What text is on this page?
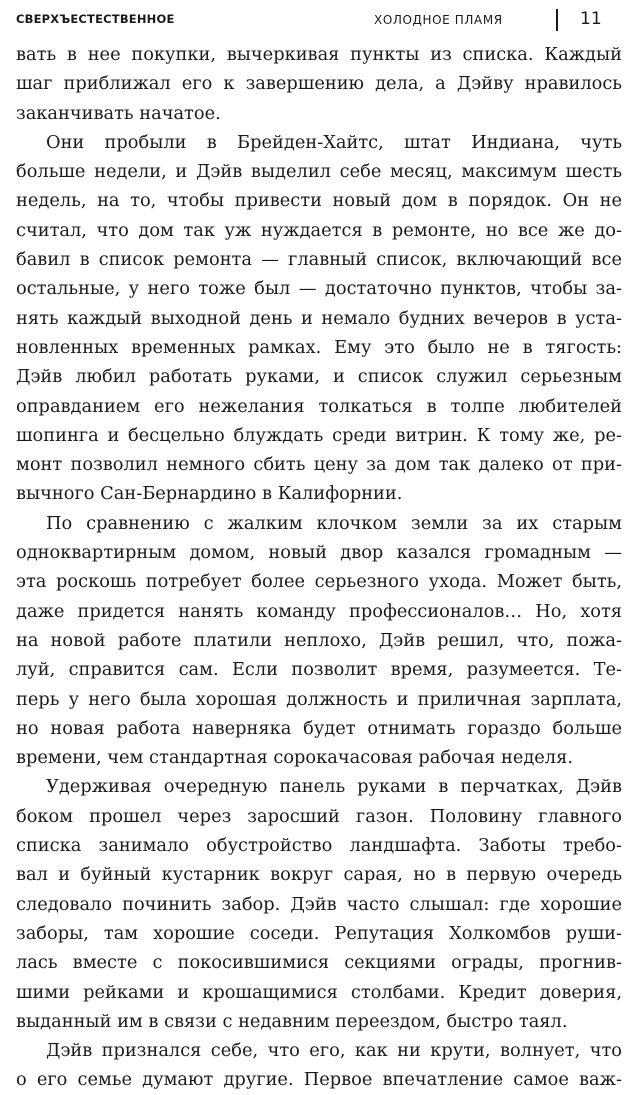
СВЕРХЪЕСТЕСТВЕННОЕ	ХОЛОДНОЕ ПЛАМЯ	11
вать в нее покупки, вычеркивая пункты из списка. Каждый
шаг приближал его к завершению дела, а Дэйву нравилось
заканчивать начатое.
Они пробыли в Брейден-Хайтс, штат Индиана, чуть
больше недели, и Дэйв выделил себе месяц, максимум шесть
недель, на то, чтобы привести новый дом в порядок. Он не
считал, что дом так уж нуждается в ремонте, но все же до-
бавил в список ремонта — главный список, включающий все
остальные, у него тоже был — достаточно пунктов, чтобы за-
нять каждый выходной день и немало будних вечеров в уста-
новленных временных рамках. Ему это было не в тягость:
Дэйв любил работать руками, и список служил серьезным
оправданием его нежелания толкаться в толпе любителей
шопинга и бесцельно блуждать среди витрин. К тому же, ре-
монт позволил немного сбить цену за дом так далеко от при-
вычного Сан-Бернардино в Калифорнии.
По сравнению с жалким клочком земли за их старым
одноквартирным домом, новый двор казался громадным —
эта роскошь потребует более серьезного ухода. Может быть,
даже придется нанять команду профессионалов… Но, хотя
на новой работе платили неплохо, Дэйв решил, что, пожа-
луй, справится сам. Если позволит время, разумеется. Те-
перь у него была хорошая должность и приличная зарплата,
но новая работа наверняка будет отнимать гораздо больше
времени, чем стандартная сорокачасовая рабочая неделя.
Удерживая очередную панель руками в перчатках, Дэйв
боком прошел через заросший газон. Половину главного
списка занимало обустройство ландшафта. Заботы требо-
вал и буйный кустарник вокруг сарая, но в первую очередь
следовало починить забор. Дэйв часто слышал: где хорошие
заборы, там хорошие соседи. Репутация Холкомбов руши-
лась вместе с покосившимися секциями ограды, прогнив-
шими рейками и крошащимися столбами. Кредит доверия,
выданный им в связи с недавним переездом, быстро таял.
Дэйв признался себе, что его, как ни крути, волнует, что
о его семье думают другие. Первое впечатление самое важ-
